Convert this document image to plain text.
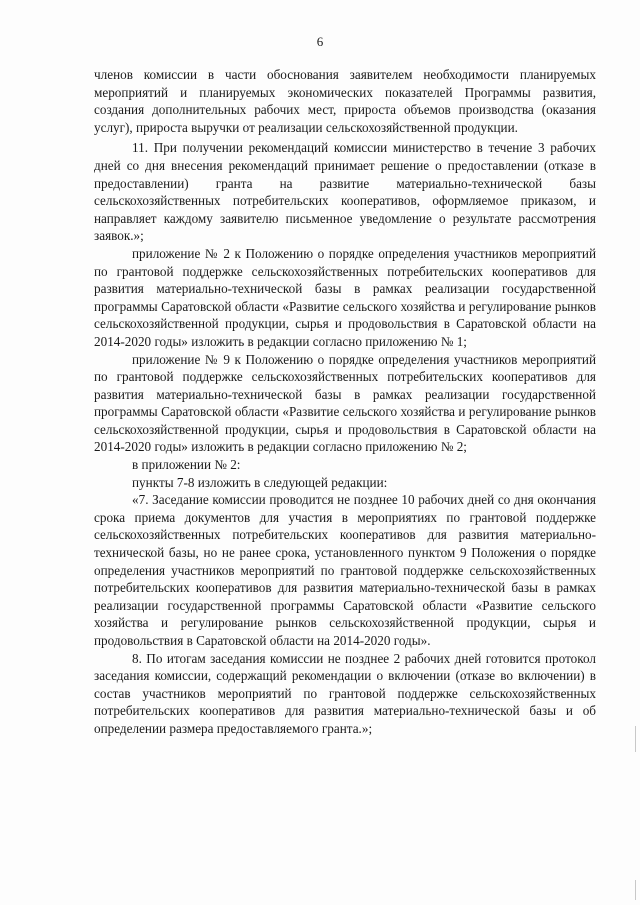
6

членов комиссии в части обоснования заявителем необходимости планируемых мероприятий и планируемых экономических показателей Программы развития, создания дополнительных рабочих мест, прироста объемов производства (оказания услуг), прироста выручки от реализации сельскохозяйственной продукции.

11. При получении рекомендаций комиссии министерство в течение 3 рабочих дней со дня внесения рекомендаций принимает решение о предоставлении (отказе в предоставлении) гранта на развитие материально-технической базы сельскохозяйственных потребительских кооперативов, оформляемое приказом, и направляет каждому заявителю письменное уведомление о результате рассмотрения заявок.»;

приложение № 2 к Положению о порядке определения участников мероприятий по грантовой поддержке сельскохозяйственных потребительских кооперативов для развития материально-технической базы в рамках реализации государственной программы Саратовской области «Развитие сельского хозяйства и регулирование рынков сельскохозяйственной продукции, сырья и продовольствия в Саратовской области на 2014-2020 годы» изложить в редакции согласно приложению № 1;

приложение № 9 к Положению о порядке определения участников мероприятий по грантовой поддержке сельскохозяйственных потребительских кооперативов для развития материально-технической базы в рамках реализации государственной программы Саратовской области «Развитие сельского хозяйства и регулирование рынков сельскохозяйственной продукции, сырья и продовольствия в Саратовской области на 2014-2020 годы» изложить в редакции согласно приложению № 2;

в приложении № 2:

пункты 7-8 изложить в следующей редакции:

«7. Заседание комиссии проводится не позднее 10 рабочих дней со дня окончания срока приема документов для участия в мероприятиях по грантовой поддержке сельскохозяйственных потребительских кооперативов для развития материально-технической базы, но не ранее срока, установленного пунктом 9 Положения о порядке определения участников мероприятий по грантовой поддержке сельскохозяйственных потребительских кооперативов для развития материально-технической базы в рамках реализации государственной программы Саратовской области «Развитие сельского хозяйства и регулирование рынков сельскохозяйственной продукции, сырья и продовольствия в Саратовской области на 2014-2020 годы».

8. По итогам заседания комиссии не позднее 2 рабочих дней готовится протокол заседания комиссии, содержащий рекомендации о включении (отказе во включении) в состав участников мероприятий по грантовой поддержке сельскохозяйственных потребительских кооперативов для развития материально-технической базы и об определении размера предоставляемого гранта.»;
